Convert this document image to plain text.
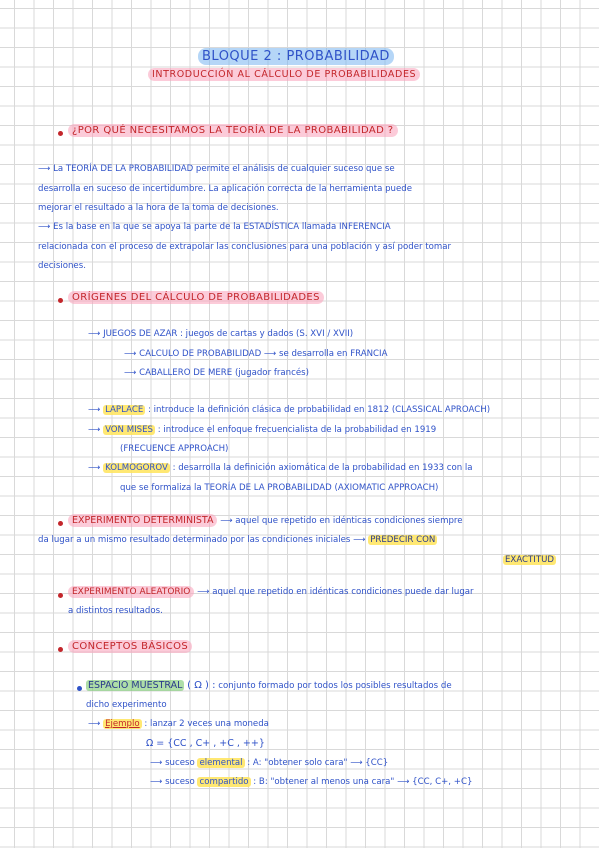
BLOQUE 2 : PROBABILIDAD
INTRODUCCIÓN AL CÁLCULO DE PROBABILIDADES
¿POR QUÉ NECESITAMOS LA TEORÍA DE LA PROBABILIDAD ?
⟶ La TEORÍA DE LA PROBABILIDAD permite el análisis de cualquier suceso que se
desarrolla en suceso de incertidumbre. La aplicación correcta de la herramienta puede
mejorar el resultado a la hora de la toma de decisiones.
⟶ Es la base en la que se apoya la parte de la ESTADÍSTICA llamada INFERENCIA
relacionada con el proceso de extrapolar las conclusiones para una población y así poder tomar
decisiones.
ORÍGENES DEL CÁLCULO DE PROBABILIDADES
⟶ JUEGOS DE AZAR : juegos de cartas y dados (S. XVI / XVII)
⟶ CALCULO DE PROBABILIDAD ⟶ se desarrolla en FRANCIA
⟶ CABALLERO DE MERE (jugador francés)
⟶ LAPLACE : introduce la definición clásica de probabilidad en 1812 (CLASSICAL APROACH)
⟶ VON MISES : introduce el enfoque frecuencialista de la probabilidad en 1919
(FRECUENCE APPROACH)
⟶ KOLMOGOROV : desarrolla la definición axiomática de la probabilidad en 1933 con la
que se formaliza la TEORÍA DE LA PROBABILIDAD (AXIOMATIC APPROACH)
EXPERIMENTO DETERMINISTA ⟶ aquel que repetido en idénticas condiciones siempre
da lugar a un mismo resultado determinado por las condiciones iniciales ⟶ PREDECIR CON
EXACTITUD
EXPERIMENTO ALEATORIO ⟶ aquel que repetido en idénticas condiciones puede dar lugar
a distintos resultados.
CONCEPTOS BÁSICOS
ESPACIO MUESTRAL ( Ω ) : conjunto formado por todos los posibles resultados de
dicho experimento
⟶ Ejemplo : lanzar 2 veces una moneda
Ω = {CC , C+ , +C , ++}
⟶ suceso elemental : A: "obtener solo cara" ⟶ {CC}
⟶ suceso compartido : B: "obtener al menos una cara" ⟶ {CC, C+, +C}
